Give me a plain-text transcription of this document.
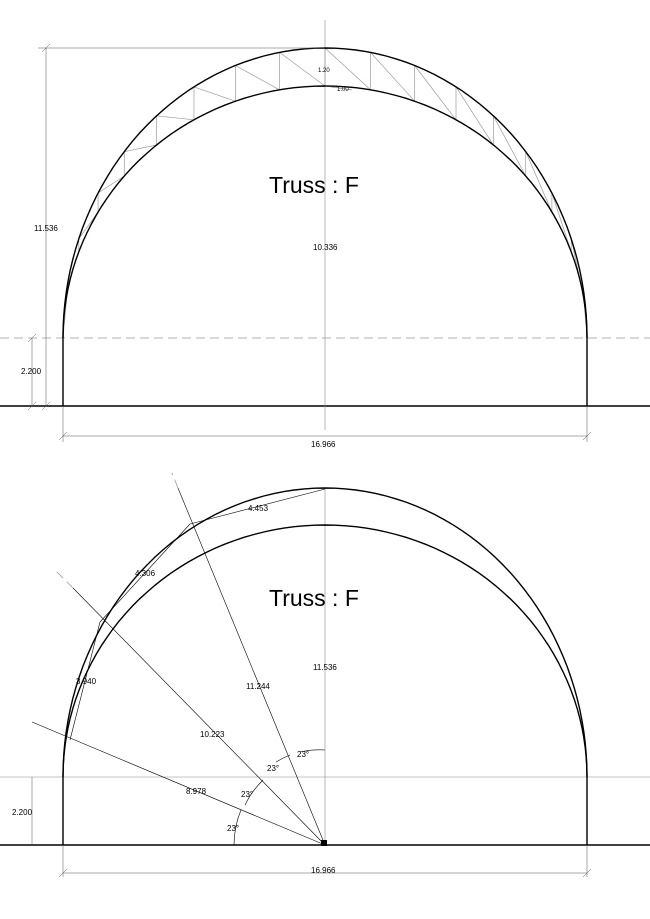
11.536
2.200
16.966
1.20
1.00
10.336
Truss : F
3.940
4.306
4.453
8.978
10.223
11.244
11.536
23°
23°
23°
23°
2.200
16.966
Truss : F
